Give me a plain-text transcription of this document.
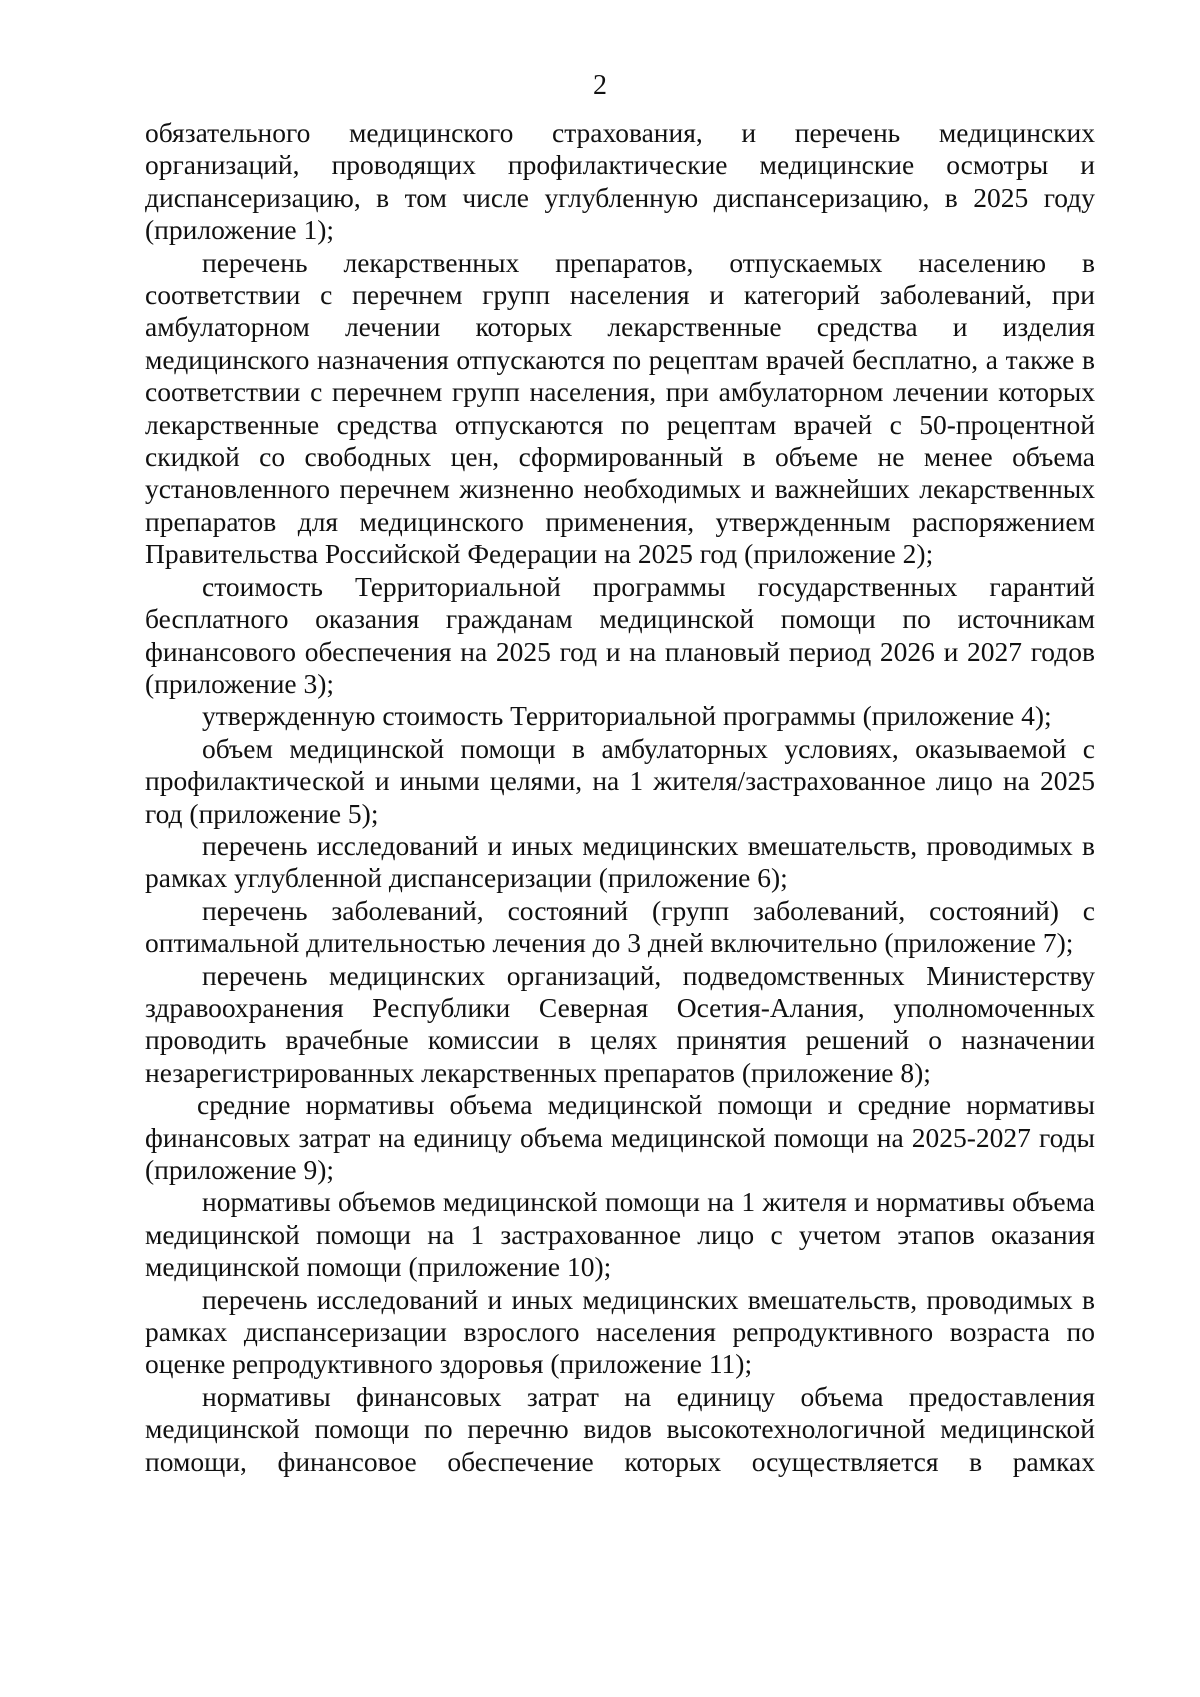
2

обязательного медицинского страхования, и перечень медицинских организаций, проводящих профилактические медицинские осмотры и диспансеризацию, в том числе углубленную диспансеризацию, в 2025 году (приложение 1);

перечень лекарственных препаратов, отпускаемых населению в соответствии с перечнем групп населения и категорий заболеваний, при амбулаторном лечении которых лекарственные средства и изделия медицинского назначения отпускаются по рецептам врачей бесплатно, а также в соответствии с перечнем групп населения, при амбулаторном лечении которых лекарственные средства отпускаются по рецептам врачей с 50-процентной скидкой со свободных цен, сформированный в объеме не менее объема установленного перечнем жизненно необходимых и важнейших лекарственных препаратов для медицинского применения, утвержденным распоряжением Правительства Российской Федерации на 2025 год (приложение 2);

стоимость Территориальной программы государственных гарантий бесплатного оказания гражданам медицинской помощи по источникам финансового обеспечения на 2025 год и на плановый период 2026 и 2027 годов (приложение 3);

утвержденную стоимость Территориальной программы (приложение 4);

объем медицинской помощи в амбулаторных условиях, оказываемой с профилактической и иными целями, на 1 жителя/застрахованное лицо на 2025 год (приложение 5);

перечень исследований и иных медицинских вмешательств, проводимых в рамках углубленной диспансеризации (приложение 6);

перечень заболеваний, состояний (групп заболеваний, состояний) с оптимальной длительностью лечения до 3 дней включительно (приложение 7);

перечень медицинских организаций, подведомственных Министерству здравоохранения Республики Северная Осетия-Алания, уполномоченных проводить врачебные комиссии в целях принятия решений о назначении незарегистрированных лекарственных препаратов (приложение 8);

средние нормативы объема медицинской помощи и средние нормативы финансовых затрат на единицу объема медицинской помощи на 2025-2027 годы (приложение 9);

нормативы объемов медицинской помощи на 1 жителя и нормативы объема медицинской помощи на 1 застрахованное лицо с учетом этапов оказания медицинской помощи (приложение 10);

перечень исследований и иных медицинских вмешательств, проводимых в рамках диспансеризации взрослого населения репродуктивного возраста по оценке репродуктивного здоровья (приложение 11);

нормативы финансовых затрат на единицу объема предоставления медицинской помощи по перечню видов высокотехнологичной медицинской помощи, финансовое обеспечение которых осуществляется в рамках
